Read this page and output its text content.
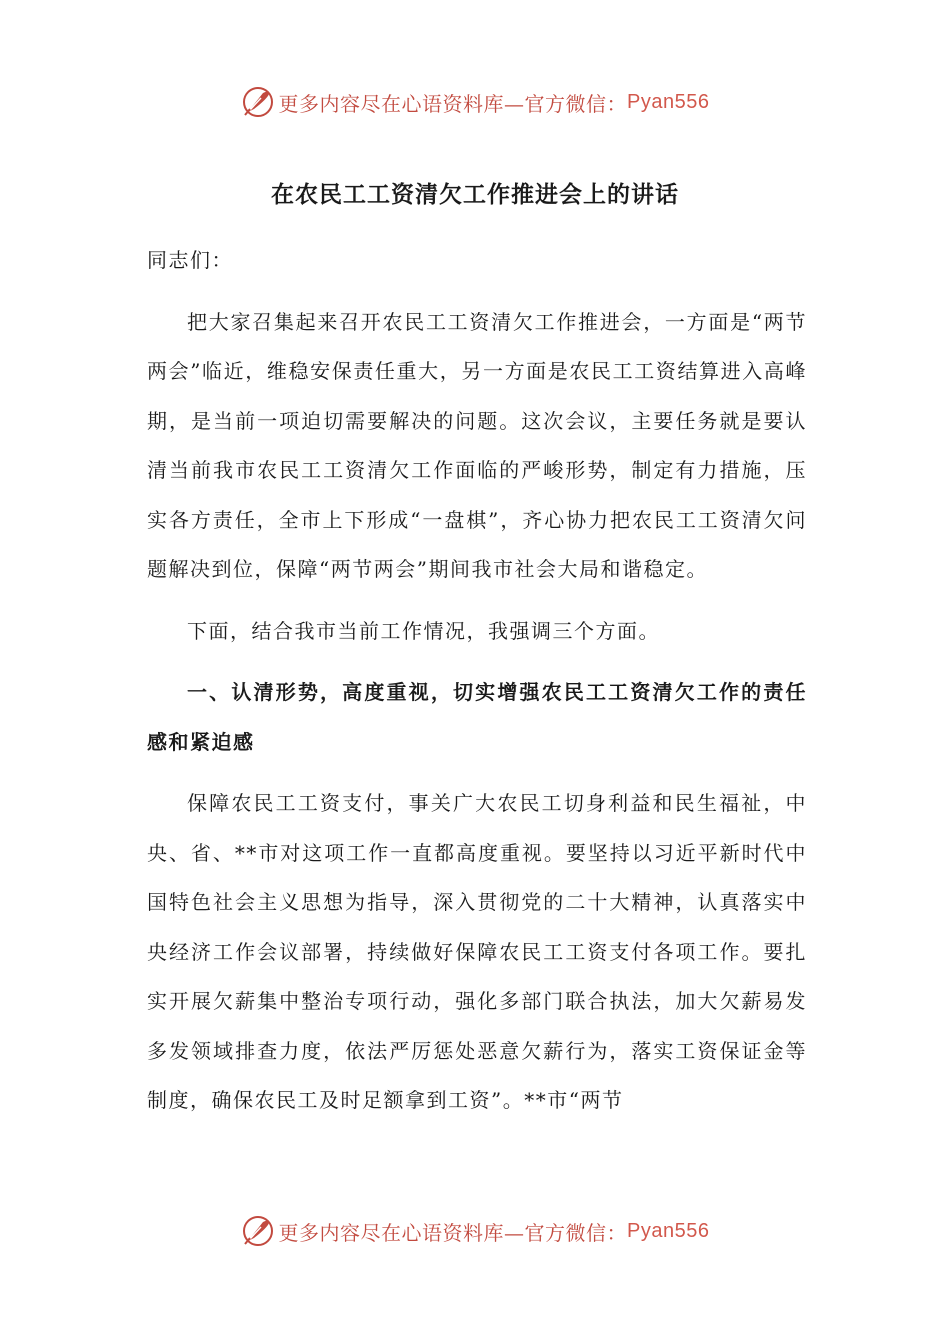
更多内容尽在心语资料库 —官方微信： Pyan556
在农民工工资清欠工作推进会上的讲话

同志们：

把大家召集起来召开农民工工资清欠工作推进会，一方面是“两节两会”临近，维稳安保责任重大，另一方面是农民工工资结算进入高峰期，是当前一项迫切需要解决的问题。这次会议，主要任务就是要认清当前我市农民工工资清欠工作面临的严峻形势，制定有力措施，压实各方责任，全市上下形成“一盘棋”，齐心协力把农民工工资清欠问题解决到位，保障“两节两会”期间我市社会大局和谐稳定。

下面，结合我市当前工作情况，我强调三个方面。

一、认清形势，高度重视，切实增强农民工工资清欠工作的责任感和紧迫感

保障农民工工资支付，事关广大农民工切身利益和民生福祉，中央、省、**市对这项工作一直都高度重视。要坚持以习近平新时代中国特色社会主义思想为指导，深入贯彻党的二十大精神，认真落实中央经济工作会议部署，持续做好保障农民工工资支付各项工作。要扎实开展欠薪集中整治专项行动，强化多部门联合执法，加大欠薪易发多发领域排查力度，依法严厉惩处恶意欠薪行为，落实工资保证金等制度，确保农民工及时足额拿到工资”。**市“两节

更多内容尽在心语资料库 —官方微信： Pyan556
